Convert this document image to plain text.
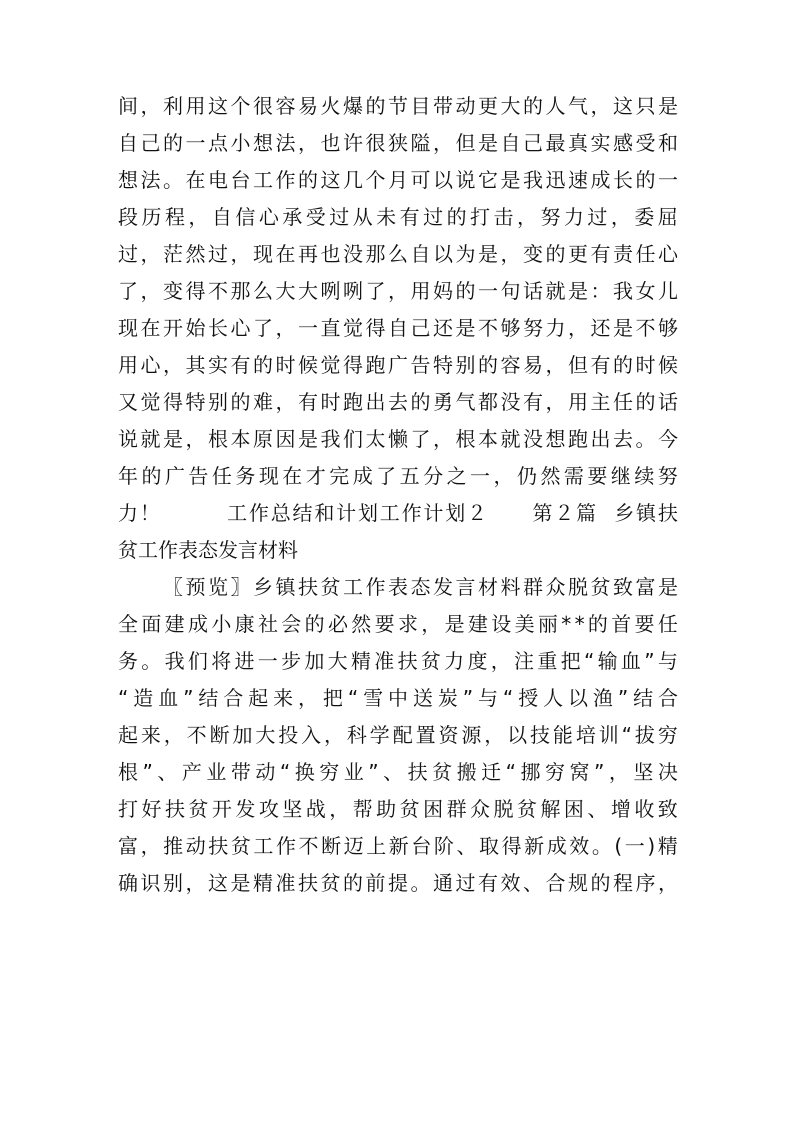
间 ， 利 用 这 个 很 容 易 火 爆 的 节 目 带 动 更 大 的 人 气 ， 这 只 是
自 己 的 一 点 小 想 法 ， 也 许 很 狭 隘 ， 但 是 自 己 最 真 实 感 受 和
想 法 。 在 电 台 工 作 的 这 几 个 月 可 以 说 它 是 我 迅 速 成 长 的 一
段 历 程 ， 自 信 心 承 受 过 从 未 有 过 的 打 击 ， 努 力 过 ， 委 屈
过 ， 茫 然 过 ， 现 在 再 也 没 那 么 自 以 为 是 ， 变 的 更 有 责 任 心
了 ， 变 得 不 那 么 大 大 咧 咧 了 ， 用 妈 的 一 句 话 就 是 ： 我 女 儿
现 在 开 始 长 心 了 ， 一 直 觉 得 自 己 还 是 不 够 努 力 ， 还 是 不 够
用 心 ， 其 实 有 的 时 候 觉 得 跑 广 告 特 别 的 容 易 ， 但 有 的 时 候
又 觉 得 特 别 的 难 ， 有 时 跑 出 去 的 勇 气 都 没 有 ， 用 主 任 的 话
说 就 是 ， 根 本 原 因 是 我 们 太 懒 了 ， 根 本 就 没 想 跑 出 去 。 今
年 的 广 告 任 务 现 在 才 完 成 了 五 分 之 一 ， 仍 然 需 要 继 续 努
力 ！

　	工 作 总 结 和 计 划 工 作 计 划 ２

　 第 ２ 篇

乡 镇 扶
贫工作表态发言材料

〖 预 览 〗 乡 镇 扶 贫 工 作 表 态 发 言 材 料 群 众 脱 贫 致 富 是
全 面 建 成 小 康 社 会 的 必 然 要 求 ， 是 建 设 美 丽 * * 的 首 要 任
务 。 我 们 将 进 一 步 加 大 精 准 扶 贫 力 度 ， 注 重 把 “ 输 血 ” 与
“ 造 血 ” 结 合 起 来 ， 把 “ 雪 中 送 炭 ” 与 “ 授 人 以 渔 ” 结 合
起 来 ， 不 断 加 大 投 入 ， 科 学 配 置 资 源 ， 以 技 能 培 训 “ 拔 穷
根 ” 、 产 业 带 动 “ 换 穷 业 ” 、 扶 贫 搬 迁 “ 挪 穷 窝 ” ， 坚 决
打 好 扶 贫 开 发 攻 坚 战 ， 帮 助 贫 困 群 众 脱 贫 解 困 、 增 收 致
富 ， 推 动 扶 贫 工 作 不 断 迈 上 新 台 阶 、 取 得 新 成 效 。 ( 一 ) 精
确 识 别 ， 这 是 精 准 扶 贫 的 前 提 。 通 过 有 效 、 合 规 的 程 序 ，
